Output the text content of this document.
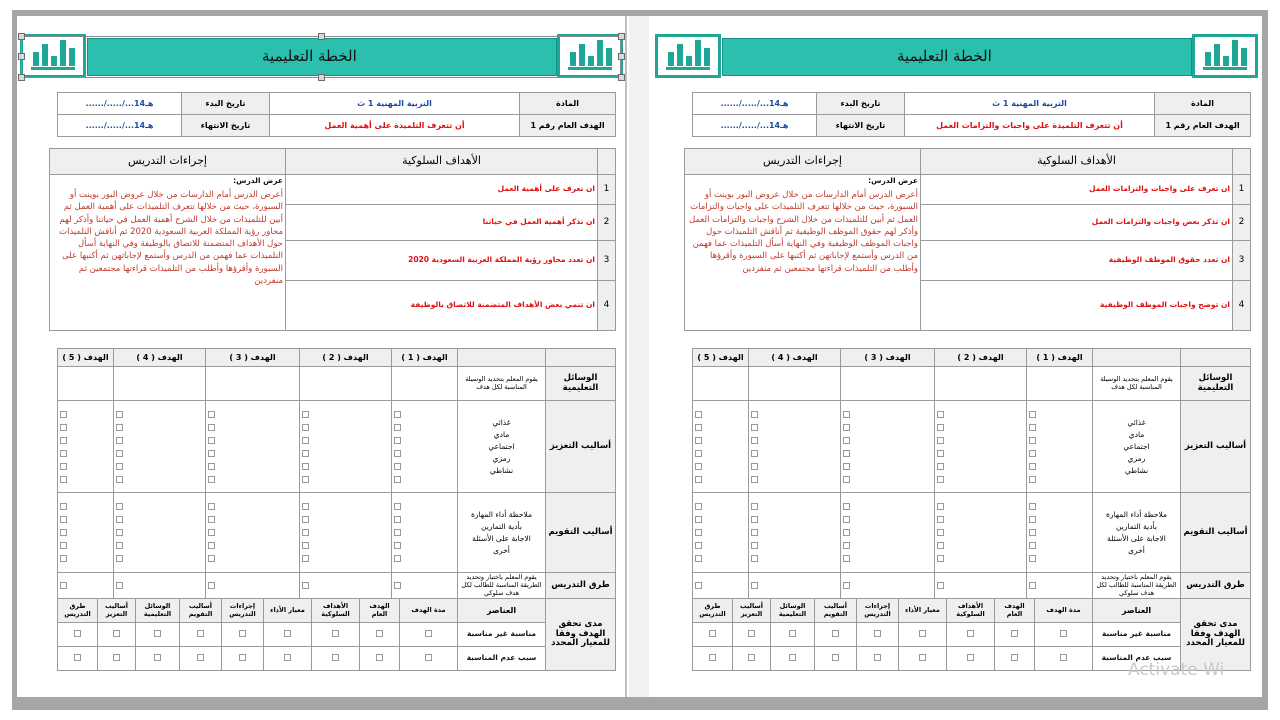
الخطة التعليمية
المادة	التربية المهنية 1 ث	تاريخ البدء	....../...../...14هـ
الهدف العام رقم 1	أن تتعرف التلميذة على أهمية العمل	تاريخ الانتهاء	....../...../...14هـ
	الأهداف السلوكية	إجراءات التدريس
1	ان تعرف على أهمية العمل	عرض الدرس:
أعرض الدرس أمام الدارسات من خلال عروض البور بوينت أو السبورة، حيث من خلالها تتعرف التلميذات على أهمية العمل ثم أبين للتلميذات من خلال الشرح أهمية العمل في حياتنا وأذكر لهم محاور رؤية المملكة العربية السعودية 2020 ثم أناقش التلميذات حول الأهداف المتضمنة للاتصاق بالوظيفة وفي النهاية أسأل التلميذات عما فهمن من الدرس وأستمع لإجاباتهن ثم أكتبها على السبورة وأقرؤها وأطلب من التلميذات قراءتها مجتمعين ثم منفردين
2	ان تذكر أهمية العمل في حياتنا	
3	ان تعدد محاور رؤية المملكة العربية السعودية 2020	
4	ان تنمي بعض الأهداف المتضمنة للاتصاق بالوظيفة	
		الهدف ( 1 )	الهدف ( 2 )	الهدف ( 3 )	الهدف ( 4 )	الهدف ( 5 )
الوسائل التعليمية	يقوم المعلم بتحديد الوسيلة المناسبة لكل هدف					
أساليب التعزيز	غذائي
مادي
اجتماعي
رمزي
نشاطي					

أساليب التقويم	ملاحظة أداء المهارة
بأدية التمارين
الاجابة على الأسئلة
أخرى					

طرق التدريس	يقوم المعلم باختيار وتحديد الطريقة المناسبة للطالب لكل هدف سلوكي	

مدى تحقق الهدف وفقا للمعيار المحدد	العناصر	مدة الهدف	الهدف العام	الأهداف السلوكية	معيار الأداء	إجراءات التدريس	أساليب التقويم	الوسائل التعليمية	أساليب التعزيز	طرق التدريس
	مناسبة غير مناسبة									
	سبب عدم المناسبة									
الخطة التعليمية
المادة	التربية المهنية 1 ث	تاريخ البدء	....../...../...14هـ
الهدف العام رقم 1	أن تتعرف التلميذة على واجبات والتزامات العمل	تاريخ الانتهاء	....../...../...14هـ
	الأهداف السلوكية	إجراءات التدريس
1	ان تعرف على واجبات والتزامات العمل	عرض الدرس:
أعرض الدرس أمام الدارسات من خلال عروض البور بوينت أو السبورة، حيث من خلالها تتعرف التلميذات على واجبات والتزامات العمل ثم أبين للتلميذات من خلال الشرح واجبات والتزامات العمل وأذكر لهم حقوق الموظف الوظيفية ثم أناقش التلميذات حول واجبات الموظف الوظيفية وفي النهاية أسأل التلميذات عما فهمن من الدرس وأستمع لإجاباتهن ثم أكتبها على السبورة وأقرؤها وأطلب من التلميذات قراءتها مجتمعين ثم منفردين
2	ان تذكر بعض واجبات والتزامات العمل	
3	ان تعدد حقوق الموظف الوظيفية	
4	ان توضح واجبات الموظف الوظيفية	
		الهدف ( 1 )	الهدف ( 2 )	الهدف ( 3 )	الهدف ( 4 )	الهدف ( 5 )
الوسائل التعليمية	يقوم المعلم بتحديد الوسيلة المناسبة لكل هدف					
أساليب التعزيز	غذائي
مادي
اجتماعي
رمزي
نشاطي					

أساليب التقويم	ملاحظة أداء المهارة
بأدية التمارين
الاجابة على الأسئلة
أخرى					

طرق التدريس	يقوم المعلم باختيار وتحديد الطريقة المناسبة للطالب لكل هدف سلوكي	

مدى تحقق الهدف وفقا للمعيار المحدد	العناصر	مدة الهدف	الهدف العام	الأهداف السلوكية	معيار الأداء	إجراءات التدريس	أساليب التقويم	الوسائل التعليمية	أساليب التعزيز	طرق التدريس
	مناسبة غير مناسبة									
	سبب عدم المناسبة									
Activate Wi
